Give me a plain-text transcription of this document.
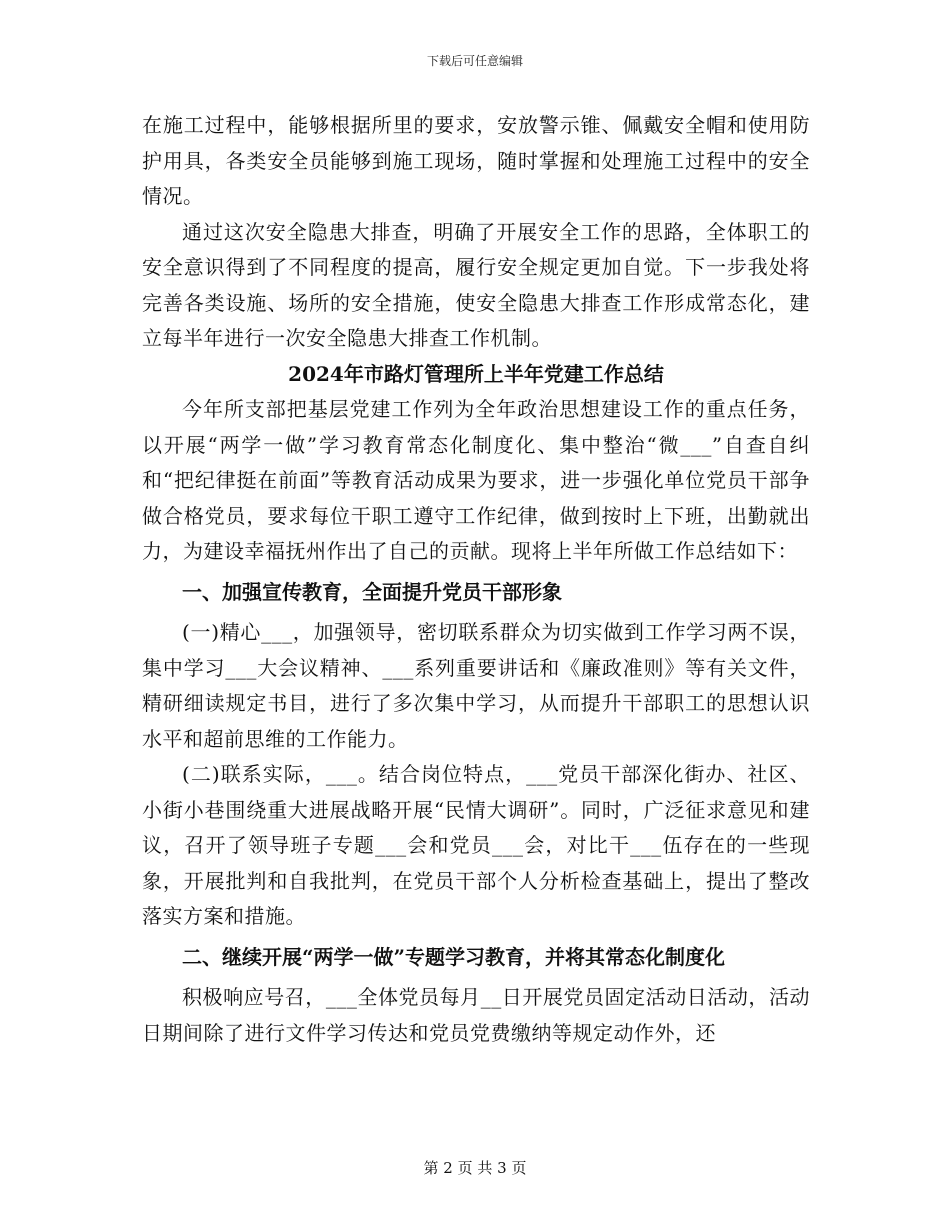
下载后可任意编辑

在施工过程中，能够根据所里的要求，安放警示锥、佩戴安全帽和使用防护用具，各类安全员能够到施工现场，随时掌握和处理施工过程中的安全情况。

通过这次安全隐患大排查，明确了开展安全工作的思路，全体职工的安全意识得到了不同程度的提高，履行安全规定更加自觉。下一步我处将完善各类设施、场所的安全措施，使安全隐患大排查工作形成常态化，建立每半年进行一次安全隐患大排查工作机制。

2024年市路灯管理所上半年党建工作总结

今年所支部把基层党建工作列为全年政治思想建设工作的重点任务，以开展“两学一做”学习教育常态化制度化、集中整治“微___”自查自纠和“把纪律挺在前面”等教育活动成果为要求，进一步强化单位党员干部争做合格党员，要求每位干职工遵守工作纪律，做到按时上下班，出勤就出力，为建设幸福抚州作出了自己的贡献。现将上半年所做工作总结如下：

一、加强宣传教育，全面提升党员干部形象

(一)精心___，加强领导，密切联系群众为切实做到工作学习两不误，集中学习___大会议精神、___系列重要讲话和《廉政准则》等有关文件，精研细读规定书目，进行了多次集中学习，从而提升干部职工的思想认识水平和超前思维的工作能力。

(二)联系实际，___。结合岗位特点，___党员干部深化街办、社区、小街小巷围绕重大进展战略开展“民情大调研”。同时，广泛征求意见和建议，召开了领导班子专题___会和党员___会，对比干___伍存在的一些现象，开展批判和自我批判，在党员干部个人分析检查基础上，提出了整改落实方案和措施。

二、继续开展“两学一做”专题学习教育，并将其常态化制度化

积极响应号召，___全体党员每月__日开展党员固定活动日活动，活动日期间除了进行文件学习传达和党员党费缴纳等规定动作外，还

第 2 页 共 3 页
